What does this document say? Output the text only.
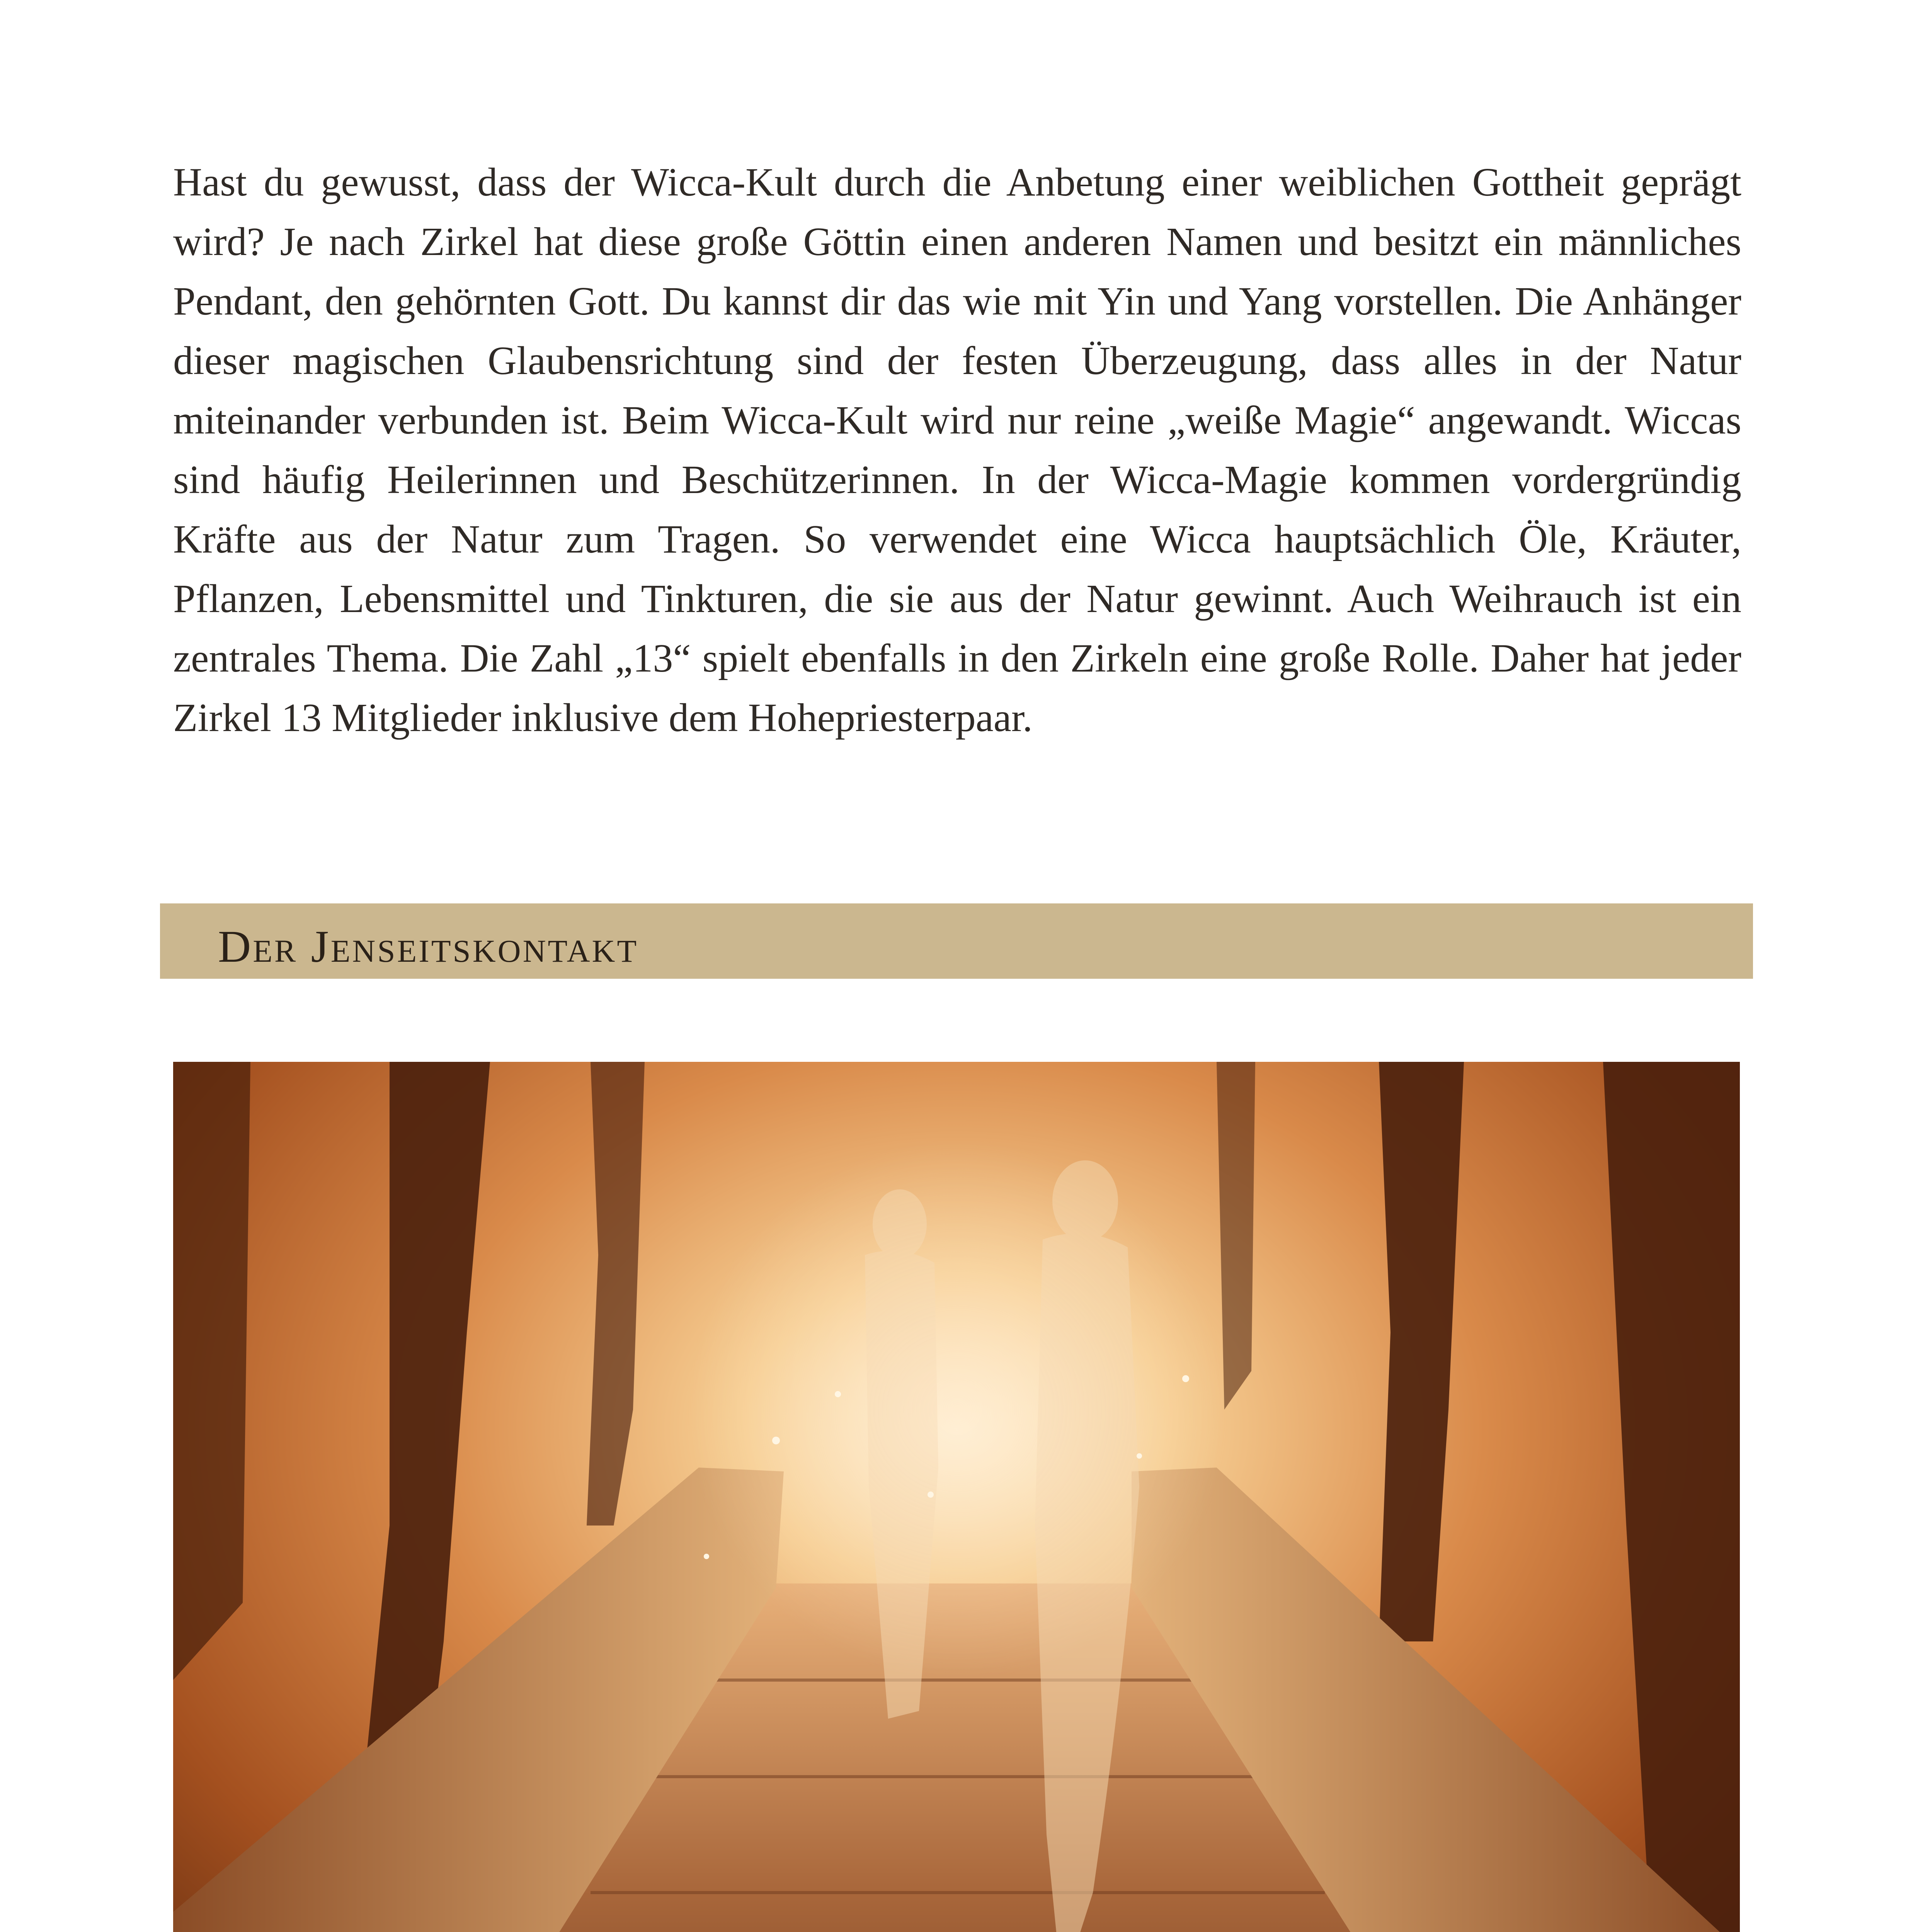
Hast du gewusst, dass der Wicca-Kult durch die Anbetung einer weiblichen Gottheit geprägt wird? Je nach Zirkel hat diese große Göttin einen anderen Namen und besitzt ein männliches Pendant, den gehörnten Gott. Du kannst dir das wie mit Yin und Yang vorstellen. Die Anhänger dieser magischen Glaubensrichtung sind der festen Überzeugung, dass alles in der Natur miteinander verbunden ist. Beim Wicca-Kult wird nur reine „weiße Magie“ angewandt. Wiccas sind häufig Heilerinnen und Beschützerinnen. In der Wicca-Magie kommen vordergründig Kräfte aus der Natur zum Tragen. So verwendet eine Wicca hauptsächlich Öle, Kräuter, Pflanzen, Lebensmittel und Tinkturen, die sie aus der Natur gewinnt. Auch Weihrauch ist ein zentrales Thema. Die Zahl „13“ spielt ebenfalls in den Zirkeln eine große Rolle. Daher hat jeder Zirkel 13 Mitglieder inklusive dem Hohepriesterpaar.

Der Jenseitskontakt
